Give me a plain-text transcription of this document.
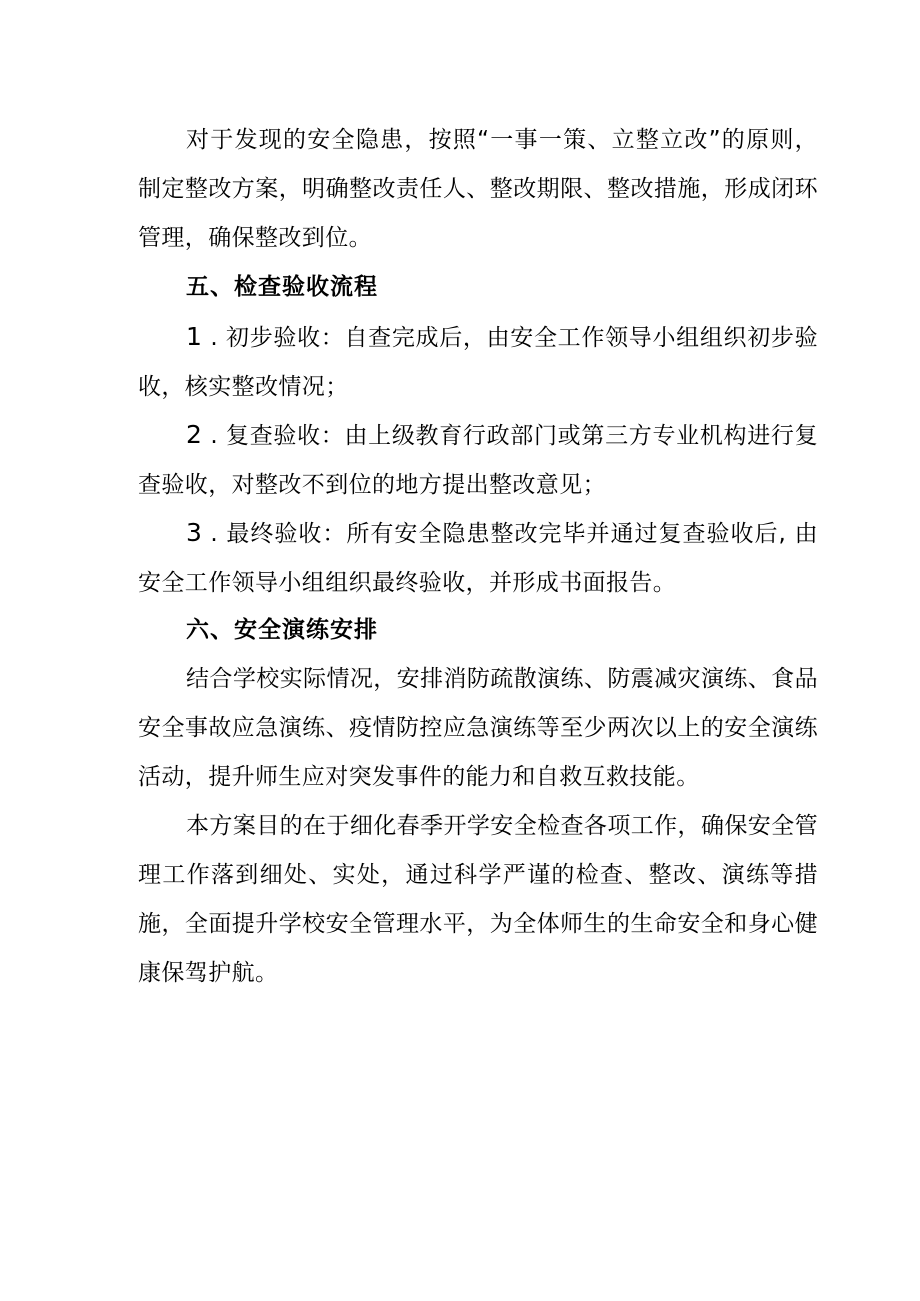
对于发现的安全隐患，按照“一事一策、立整立改”的原则，制定整改方案，明确整改责任人、整改期限、整改措施，形成闭环管理，确保整改到位。

五、检查验收流程

1 . 初步验收：自查完成后，由安全工作领导小组组织初步验收，核实整改情况；

2 . 复查验收：由上级教育行政部门或第三方专业机构进行复查验收，对整改不到位的地方提出整改意见；

3 . 最终验收：所有安全隐患整改完毕并通过复查验收后, 由安全工作领导小组组织最终验收，并形成书面报告。

六、安全演练安排

结合学校实际情况，安排消防疏散演练、防震减灾演练、食品安全事故应急演练、疫情防控应急演练等至少两次以上的安全演练活动，提升师生应对突发事件的能力和自救互救技能。

本方案目的在于细化春季开学安全检查各项工作，确保安全管理工作落到细处、实处，通过科学严谨的检查、整改、演练等措施，全面提升学校安全管理水平，为全体师生的生命安全和身心健康保驾护航。
